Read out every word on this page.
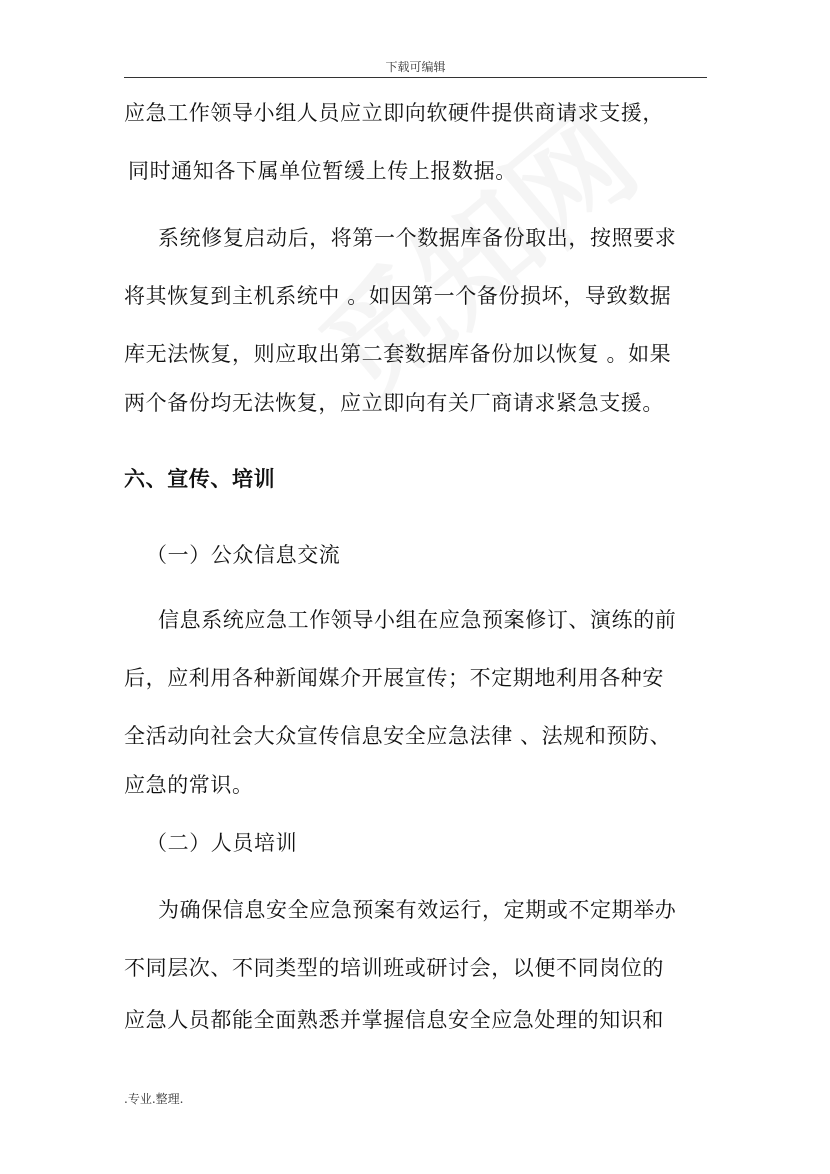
下载可编辑
应急工作领导小组人员应立即向软硬件提供商请求支援，
同时通知各下属单位暂缓上传上报数据。
系统修复启动后，将第一个数据库备份取出，按照要求
将其恢复到主机系统中 。如因第一个备份损坏，导致数据
库无法恢复，则应取出第二套数据库备份加以恢复 。如果
两个备份均无法恢复，应立即向有关厂商请求紧急支援。
六、宣传、培训
（一）公众信息交流
信息系统应急工作领导小组在应急预案修订、演练的前
后，应利用各种新闻媒介开展宣传；不定期地利用各种安
全活动向社会大众宣传信息安全应急法律 、法规和预防、
应急的常识。
（二）人员培训
为确保信息安全应急预案有效运行，定期或不定期举办
不同层次、不同类型的培训班或研讨会，以便不同岗位的
应急人员都能全面熟悉并掌握信息安全应急处理的知识和
.专业.整理.
